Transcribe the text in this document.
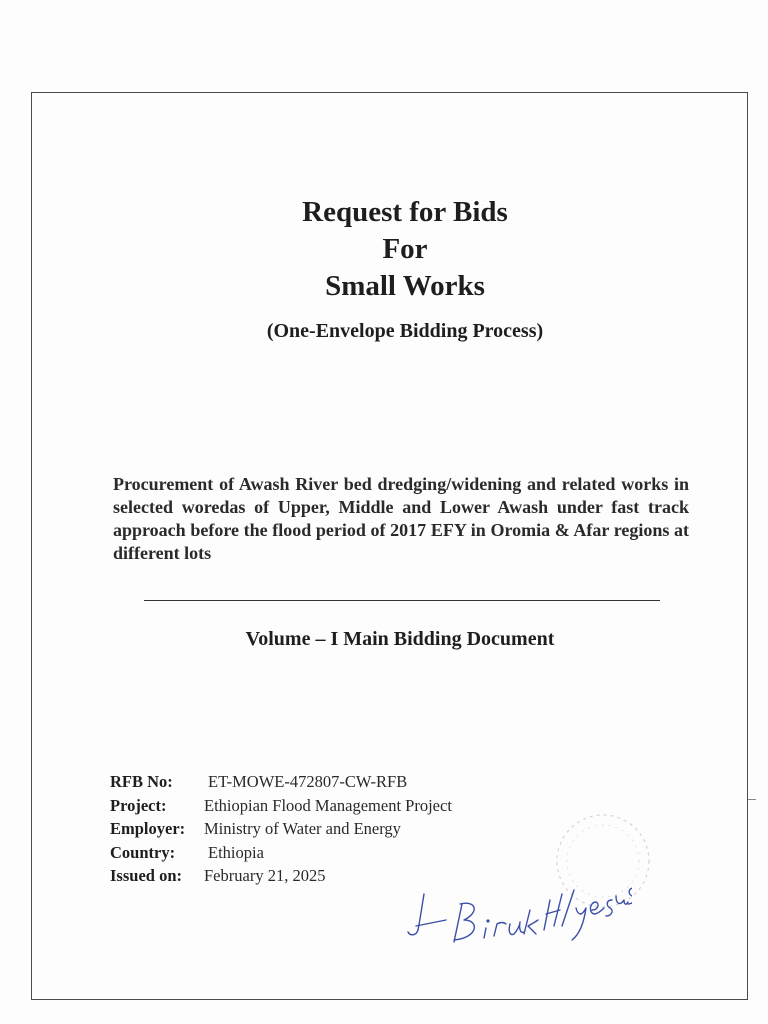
Request for Bids
For
Small Works
(One-Envelope Bidding Process)
Procurement of Awash River bed dredging/widening and related works in selected woredas of Upper, Middle and Lower Awash under fast track approach before the flood period of 2017 EFY in Oromia & Afar regions at different lots
Volume – I Main Bidding Document
RFB No: ET-MOWE-472807-CW-RFB
Project: Ethiopian Flood Management Project
Employer: Ministry of Water and Energy
Country: Ethiopia
Issued on: February 21, 2025
